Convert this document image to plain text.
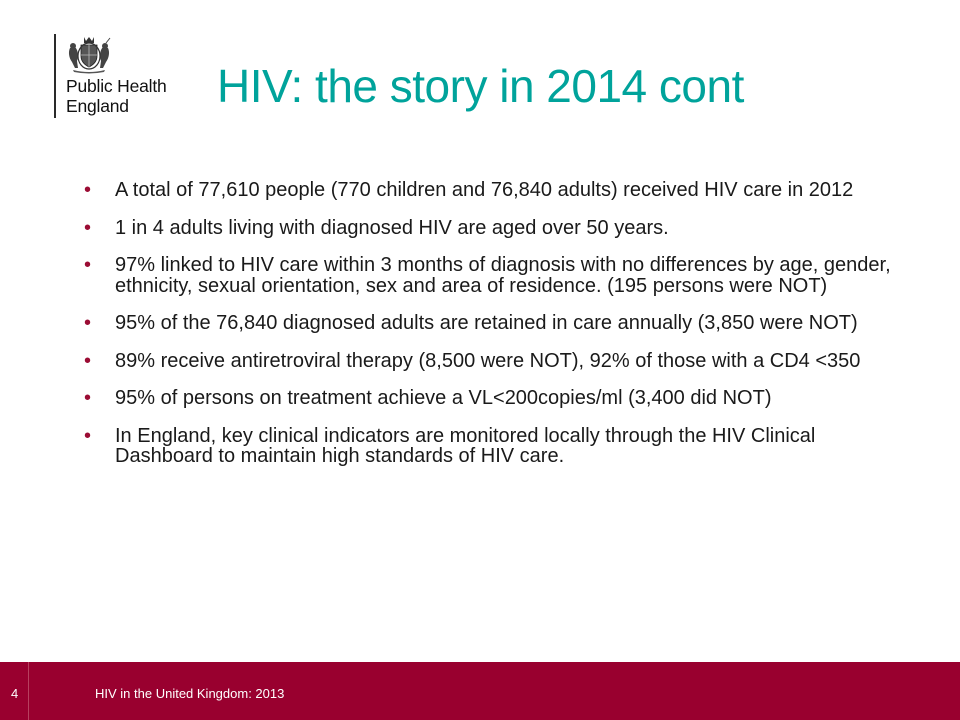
Public Health
England	HIV: the story in 2014 cont
• A total of 77,610 people (770 children and 76,840 adults) received HIV care in 2012
• 1 in 4 adults living with diagnosed HIV are aged over 50 years.
• 97% linked to HIV care within 3 months of diagnosis with no differences by age, gender, ethnicity, sexual orientation, sex and area of residence. (195 persons were NOT)
• 95% of the 76,840 diagnosed adults are retained in care annually (3,850 were NOT)
• 89% receive antiretroviral therapy (8,500 were NOT), 92% of those with a CD4 <350
• 95% of persons on treatment achieve a VL<200copies/ml (3,400 did NOT)
• In England, key clinical indicators are monitored locally through the HIV Clinical Dashboard to maintain high standards of HIV care.
4	HIV in the United Kingdom: 2013
